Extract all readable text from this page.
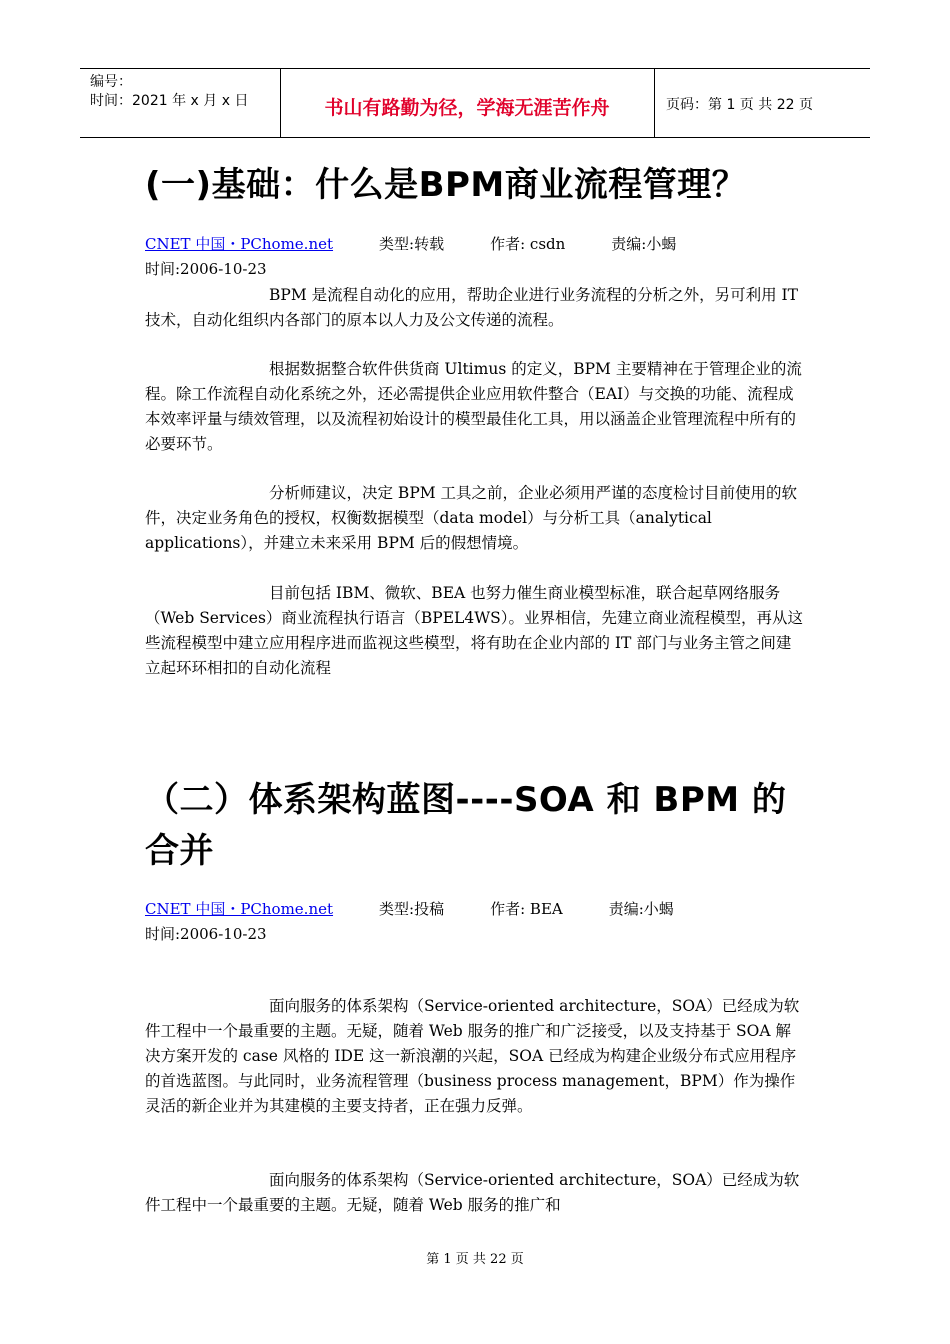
编号：
时间：2021 年 x 月 x 日	书山有路勤为径，学海无涯苦作舟	页码：第 1 页 共 22 页
(一)基础：什么是BPM商业流程管理？
CNET 中国・PChome.net	类型:转载	作者: csdn	责编:小蝎
时间:2006-10-23
BPM 是流程自动化的应用，帮助企业进行业务流程的分析之外，另可利用 IT 技术，自动化组织内各部门的原本以人力及公文传递的流程。
根据数据整合软件供货商 Ultimus 的定义，BPM 主要精神在于管理企业的流程。除工作流程自动化系统之外，还必需提供企业应用软件整合（EAI）与交换的功能、流程成本效率评量与绩效管理，以及流程初始设计的模型最佳化工具，用以涵盖企业管理流程中所有的必要环节。
分析师建议，决定 BPM 工具之前，企业必须用严谨的态度检讨目前使用的软件，决定业务角色的授权，权衡数据模型（data model）与分析工具（analytical applications），并建立未来采用 BPM 后的假想情境。
目前包括 IBM、微软、BEA 也努力催生商业模型标准，联合起草网络服务（Web Services）商业流程执行语言（BPEL4WS）。业界相信，先建立商业流程模型，再从这些流程模型中建立应用程序进而监视这些模型，将有助在企业内部的 IT 部门与业务主管之间建立起环环相扣的自动化流程
（二）体系架构蓝图----SOA 和 BPM 的
合并
CNET 中国・PChome.net	类型:投稿	作者: BEA	责编:小蝎
时间:2006-10-23
面向服务的体系架构（Service-oriented architecture，SOA）已经成为软件工程中一个最重要的主题。无疑，随着 Web 服务的推广和广泛接受，以及支持基于 SOA 解决方案开发的 case 风格的 IDE 这一新浪潮的兴起，SOA 已经成为构建企业级分布式应用程序的首选蓝图。与此同时，业务流程管理（business process management，BPM）作为操作灵活的新企业并为其建模的主要支持者，正在强力反弹。
面向服务的体系架构（Service-oriented architecture，SOA）已经成为软件工程中一个最重要的主题。无疑，随着 Web 服务的推广和
第 1 页 共 22 页
